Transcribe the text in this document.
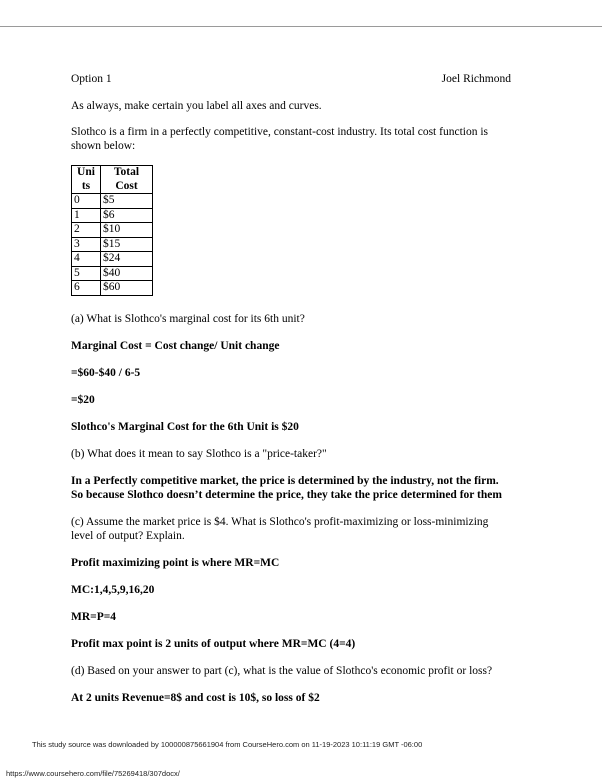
Option 1	Joel Richmond

As always, make certain you label all axes and curves.

Slothco is a firm in a perfectly competitive, constant-cost industry. Its total cost function is shown below:

Uni
ts	Total
Cost
0	$5
1	$6
2	$10
3	$15
4	$24
5	$40
6	$60

(a) What is Slothco's marginal cost for its 6th unit?

Marginal Cost = Cost change/ Unit change

=$60-$40 / 6-5

=$20

Slothco's Marginal Cost for the 6th Unit is $20

(b) What does it mean to say Slothco is a "price-taker?"

In a Perfectly competitive market, the price is determined by the industry, not the firm. So because Slothco doesn’t determine the price, they take the price determined for them

(c) Assume the market price is $4. What is Slothco's profit-maximizing or loss-minimizing level of output? Explain.

Profit maximizing point is where MR=MC

MC:1,4,5,9,16,20

MR=P=4

Profit max point is 2 units of output where MR=MC (4=4)

(d) Based on your answer to part (c), what is the value of Slothco's economic profit or loss?

At 2 units Revenue=8$ and cost is 10$, so loss of $2

This study source was downloaded by 100000875661904 from CourseHero.com on 11-19-2023 10:11:19 GMT -06:00
https://www.coursehero.com/file/75269418/307docx/
